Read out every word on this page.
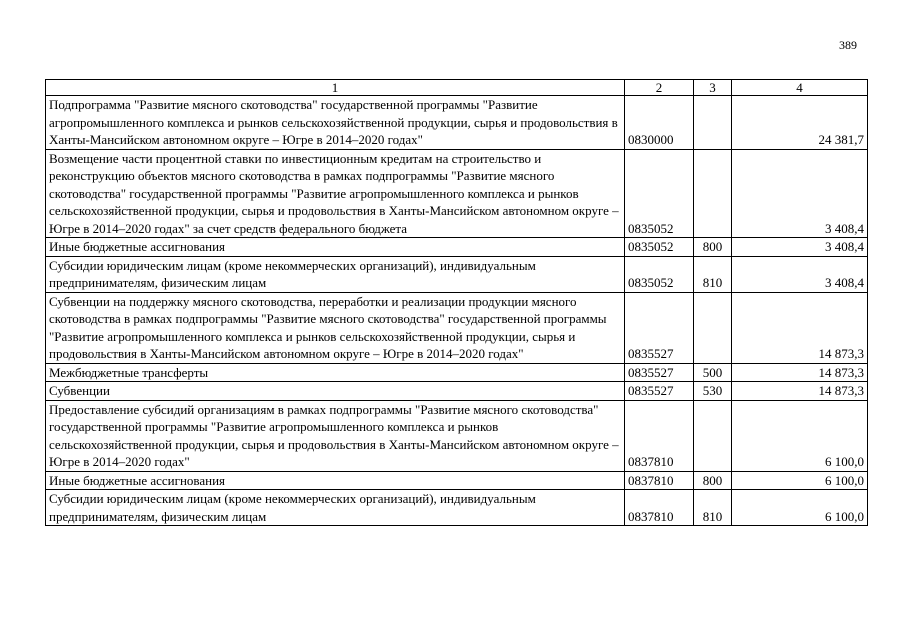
389
1	2	3	4
Подпрограмма "Развитие мясного скотоводства" государственной программы "Развитие агропромышленного комплекса и рынков сельскохозяйственной продукции, сырья и продовольствия в Ханты-Мансийском автономном округе – Югре в 2014–2020 годах"	0830000		24 381,7
Возмещение части процентной ставки по инвестиционным кредитам на строительство и реконструкцию объектов мясного скотоводства в рамках подпрограммы "Развитие мясного скотоводства" государственной программы "Развитие агропромышленного комплекса и рынков сельскохозяйственной продукции, сырья и продовольствия в Ханты-Мансийском автономном округе – Югре в 2014–2020 годах" за счет средств федерального бюджета	0835052		3 408,4
Иные бюджетные ассигнования	0835052	800	3 408,4
Субсидии юридическим лицам (кроме некоммерческих организаций), индивидуальным предпринимателям, физическим лицам	0835052	810	3 408,4
Субвенции на поддержку мясного скотоводства, переработки и реализации продукции мясного скотоводства в рамках подпрограммы "Развитие мясного скотоводства" государственной программы "Развитие агропромышленного комплекса и рынков сельскохозяйственной продукции, сырья и продовольствия в Ханты-Мансийском автономном округе – Югре в 2014–2020 годах"	0835527		14 873,3
Межбюджетные трансферты	0835527	500	14 873,3
Субвенции	0835527	530	14 873,3
Предоставление субсидий организациям в рамках подпрограммы "Развитие мясного скотоводства" государственной программы "Развитие агропромышленного комплекса и рынков сельскохозяйственной продукции, сырья и продовольствия в Ханты-Мансийском автономном округе – Югре в 2014–2020 годах"	0837810		6 100,0
Иные бюджетные ассигнования	0837810	800	6 100,0
Субсидии юридическим лицам (кроме некоммерческих организаций), индивидуальным предпринимателям, физическим лицам	0837810	810	6 100,0
